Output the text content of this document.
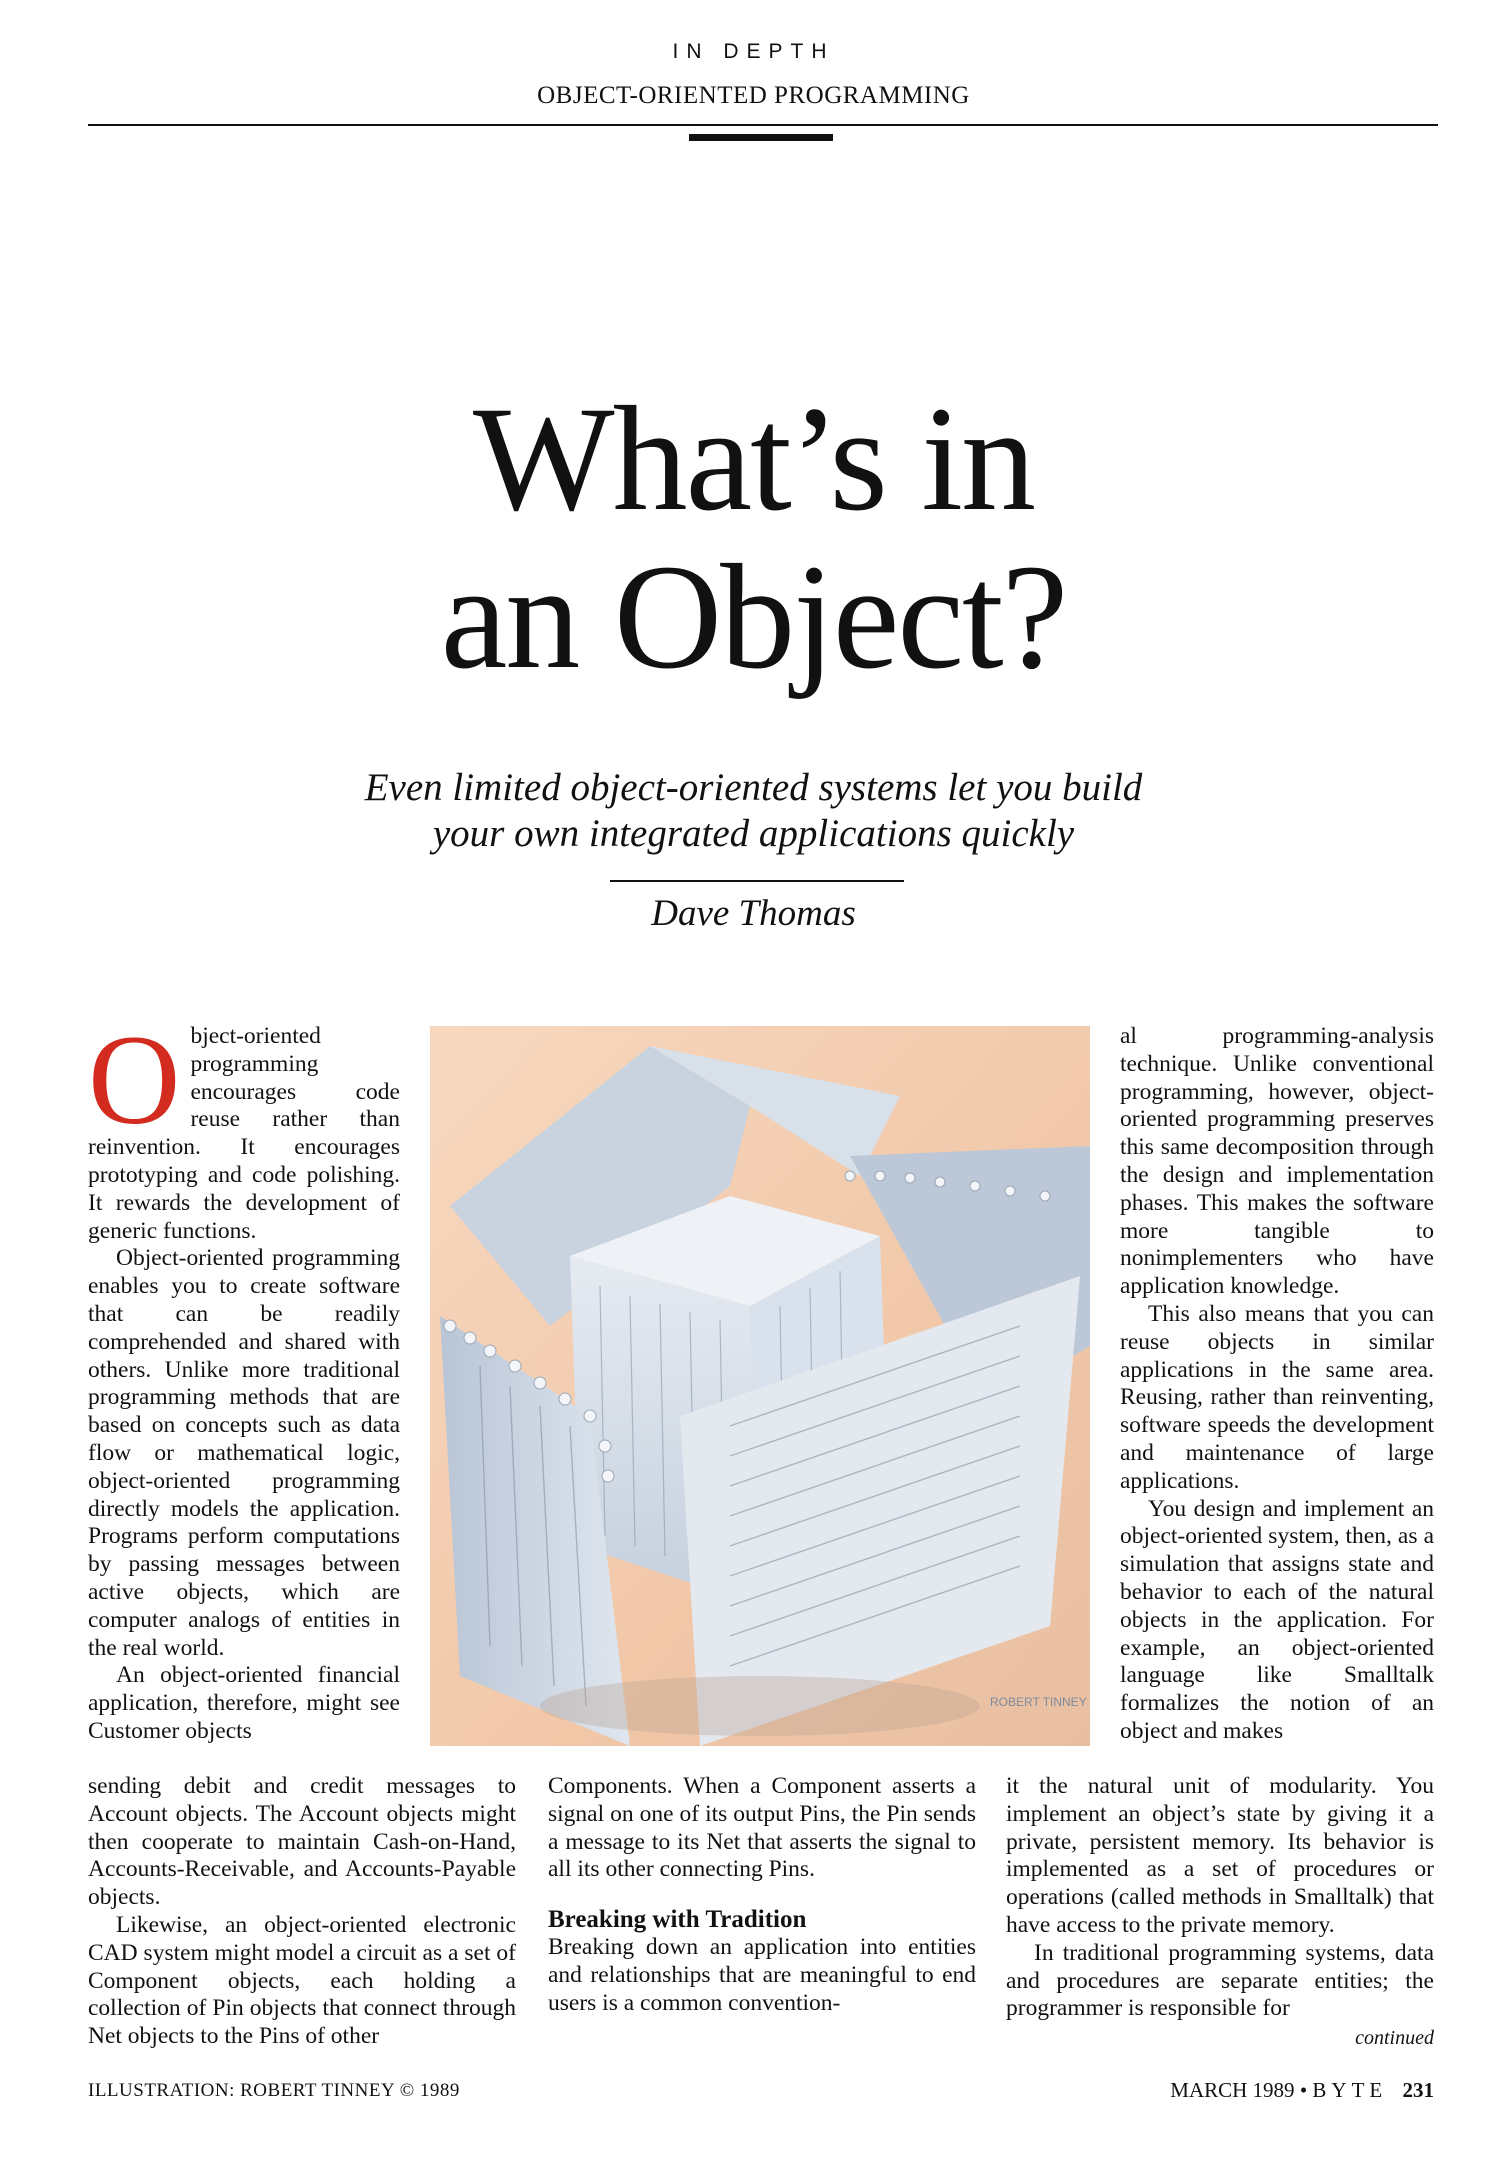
IN DEPTH
OBJECT-ORIENTED PROGRAMMING
What’s in
an Object?
Even limited object-oriented systems let you build
your own integrated applications quickly
Dave Thomas

Object-oriented programming encourages code reuse rather than reinvention. It encourages prototyping and code polishing. It rewards the development of generic functions.

Object-oriented programming enables you to create software that can be readily comprehended and shared with others. Unlike more traditional programming methods that are based on concepts such as data flow or mathematical logic, object-oriented programming directly models the application. Programs perform computations by passing messages between active objects, which are computer analogs of entities in the real world.

An object-oriented financial application, therefore, might see Customer objects

ROBERT TINNEY

sending debit and credit messages to Account objects. The Account objects might then cooperate to maintain Cash-on-Hand, Accounts-Receivable, and Accounts-Payable objects.

Likewise, an object-oriented electronic CAD system might model a circuit as a set of Component objects, each holding a collection of Pin objects that connect through Net objects to the Pins of other

Components. When a Component asserts a signal on one of its output Pins, the Pin sends a message to its Net that asserts the signal to all its other connecting Pins.

Breaking with Tradition

Breaking down an application into entities and relationships that are meaningful to end users is a common convention-

al programming-analysis technique. Unlike conventional programming, however, object-oriented programming preserves this same decomposition through the design and implementation phases. This makes the software more tangible to nonimplementers who have application knowledge.

This also means that you can reuse objects in similar applications in the same area. Reusing, rather than reinventing, software speeds the development and maintenance of large applications.

You design and implement an object-oriented system, then, as a simulation that assigns state and behavior to each of the natural objects in the application. For example, an object-oriented language like Smalltalk formalizes the notion of an object and makes

it the natural unit of modularity. You implement an object’s state by giving it a private, persistent memory. Its behavior is implemented as a set of procedures or operations (called methods in Smalltalk) that have access to the private memory.

In traditional programming systems, data and procedures are separate entities; the programmer is responsible for

continued
ILLUSTRATION: ROBERT TINNEY © 1989	MARCH 1989 • BYTE 231
